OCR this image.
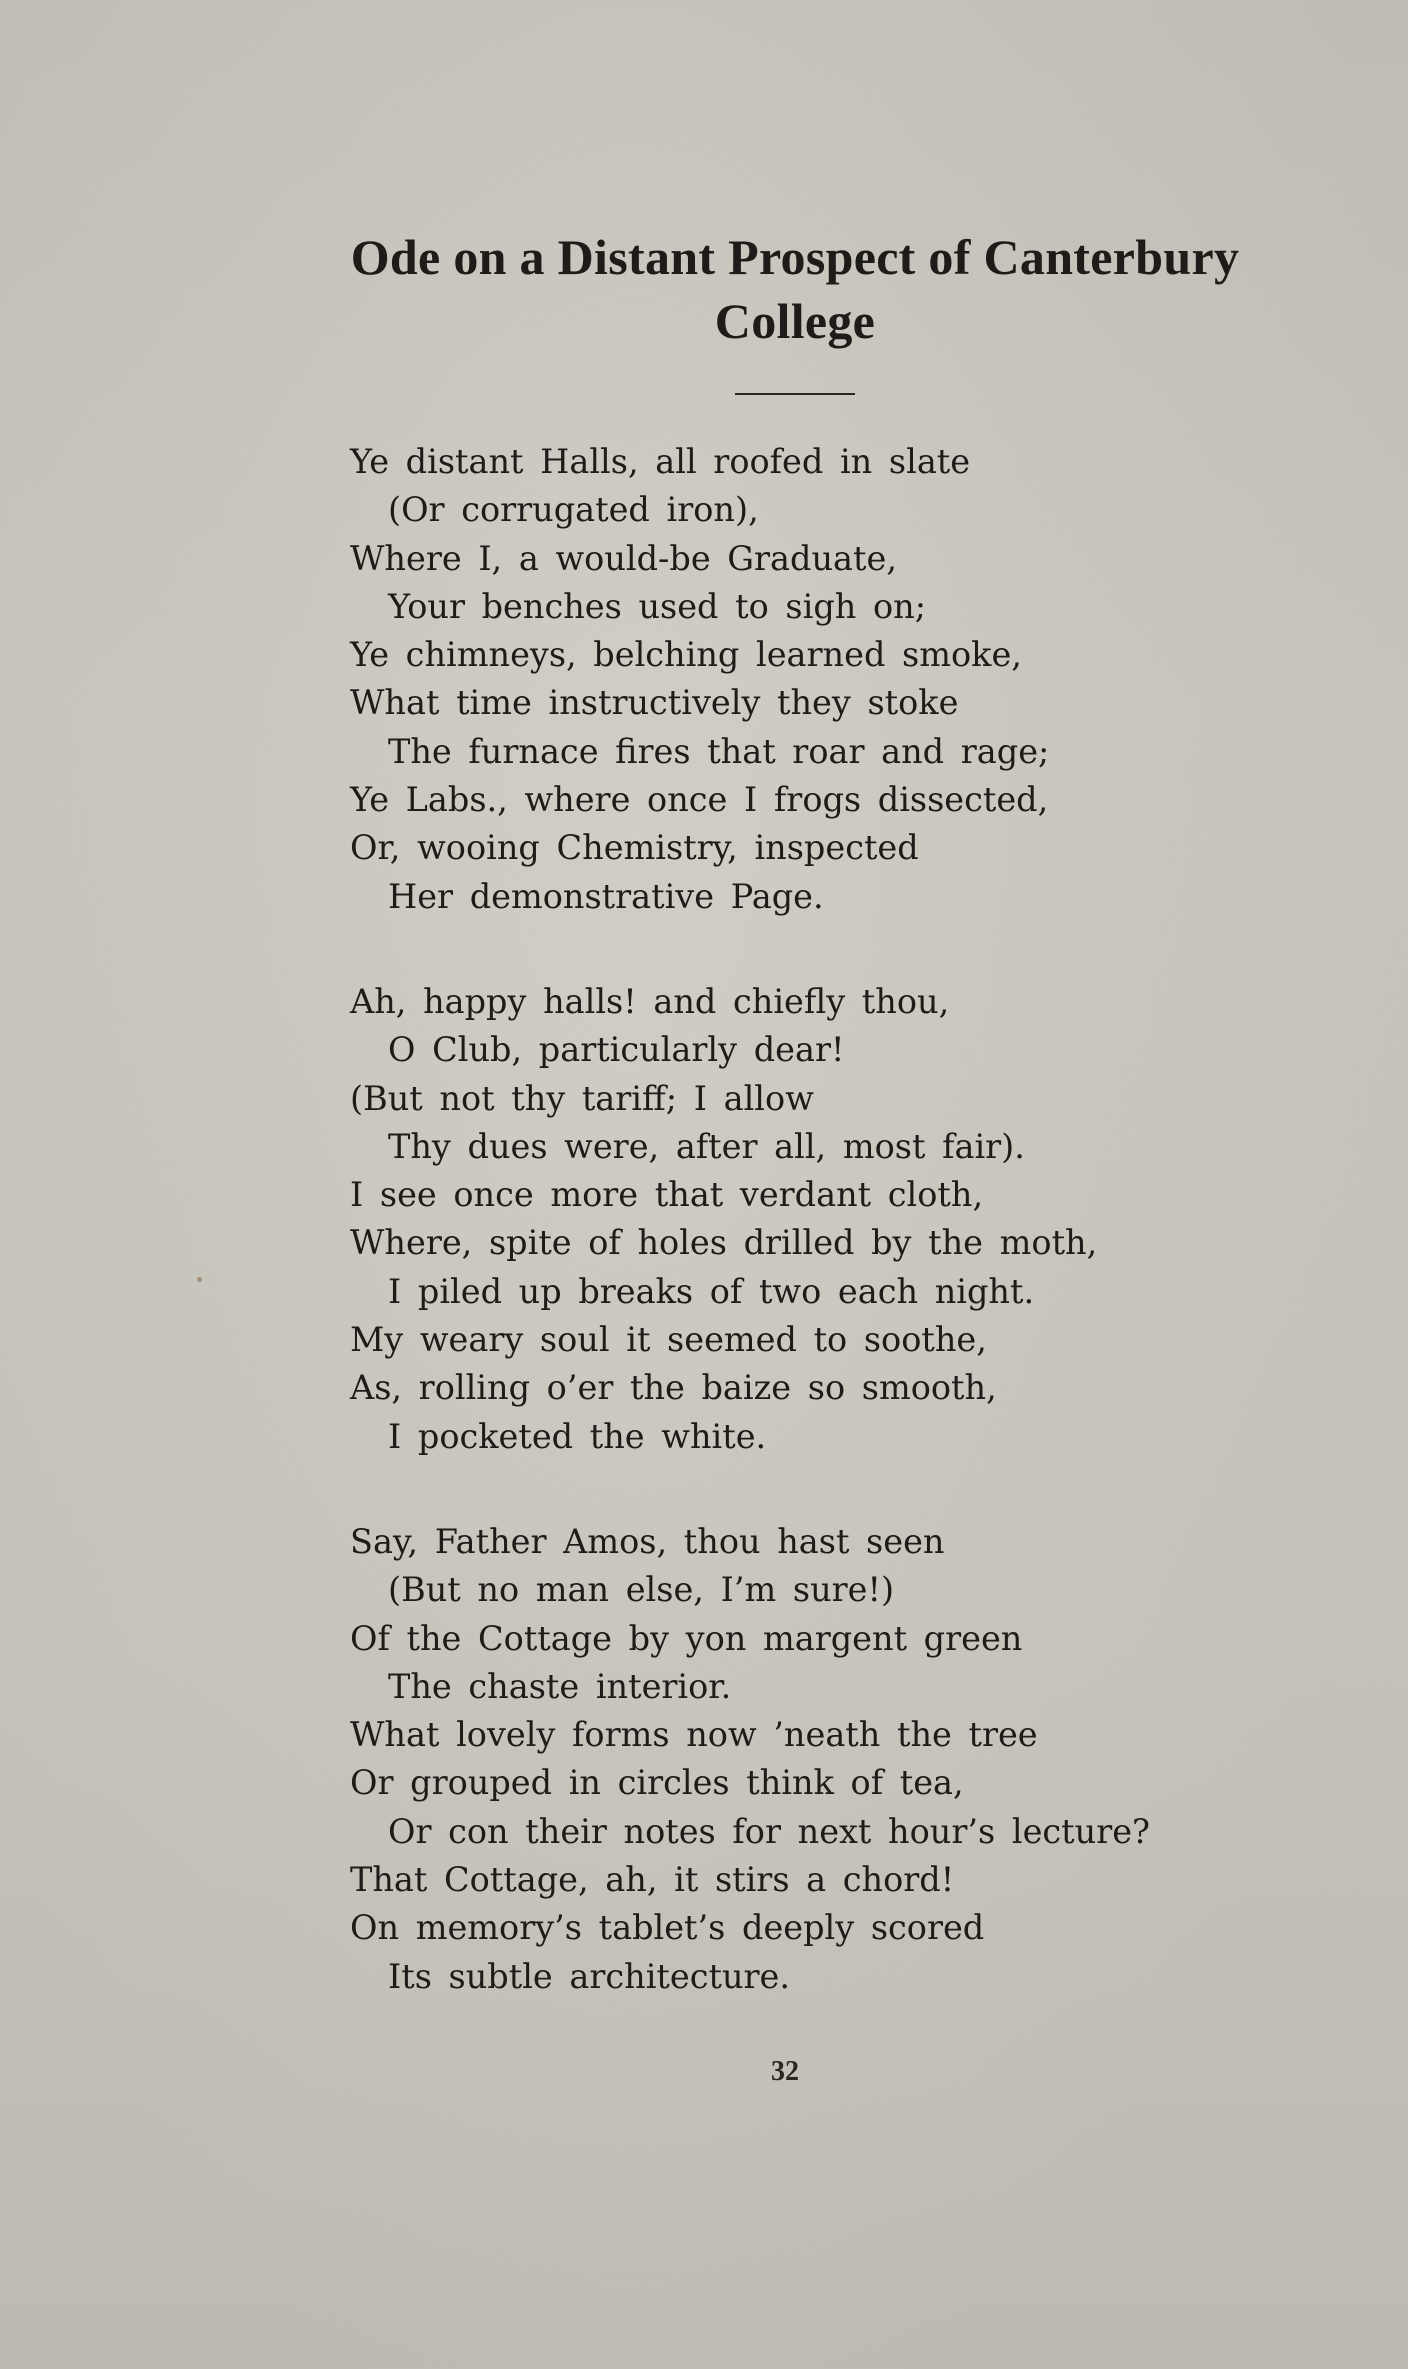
Ode on a Distant Prospect of Canterbury
College
Ye distant Halls, all roofed in slate
(Or corrugated iron),
Where I, a would-be Graduate,
Your benches used to sigh on;
Ye chimneys, belching learned smoke,
What time instructively they stoke
The furnace fires that roar and rage;
Ye Labs., where once I frogs dissected,
Or, wooing Chemistry, inspected
Her demonstrative Page.
Ah, happy halls! and chiefly thou,
O Club, particularly dear!
(But not thy tariff; I allow
Thy dues were, after all, most fair).
I see once more that verdant cloth,
Where, spite of holes drilled by the moth,
I piled up breaks of two each night.
My weary soul it seemed to soothe,
As, rolling o’er the baize so smooth,
I pocketed the white.
Say, Father Amos, thou hast seen
(But no man else, I’m sure!)
Of the Cottage by yon margent green
The chaste interior.
What lovely forms now ’neath the tree
Or grouped in circles think of tea,
Or con their notes for next hour’s lecture?
That Cottage, ah, it stirs a chord!
On memory’s tablet’s deeply scored
Its subtle architecture.
32
